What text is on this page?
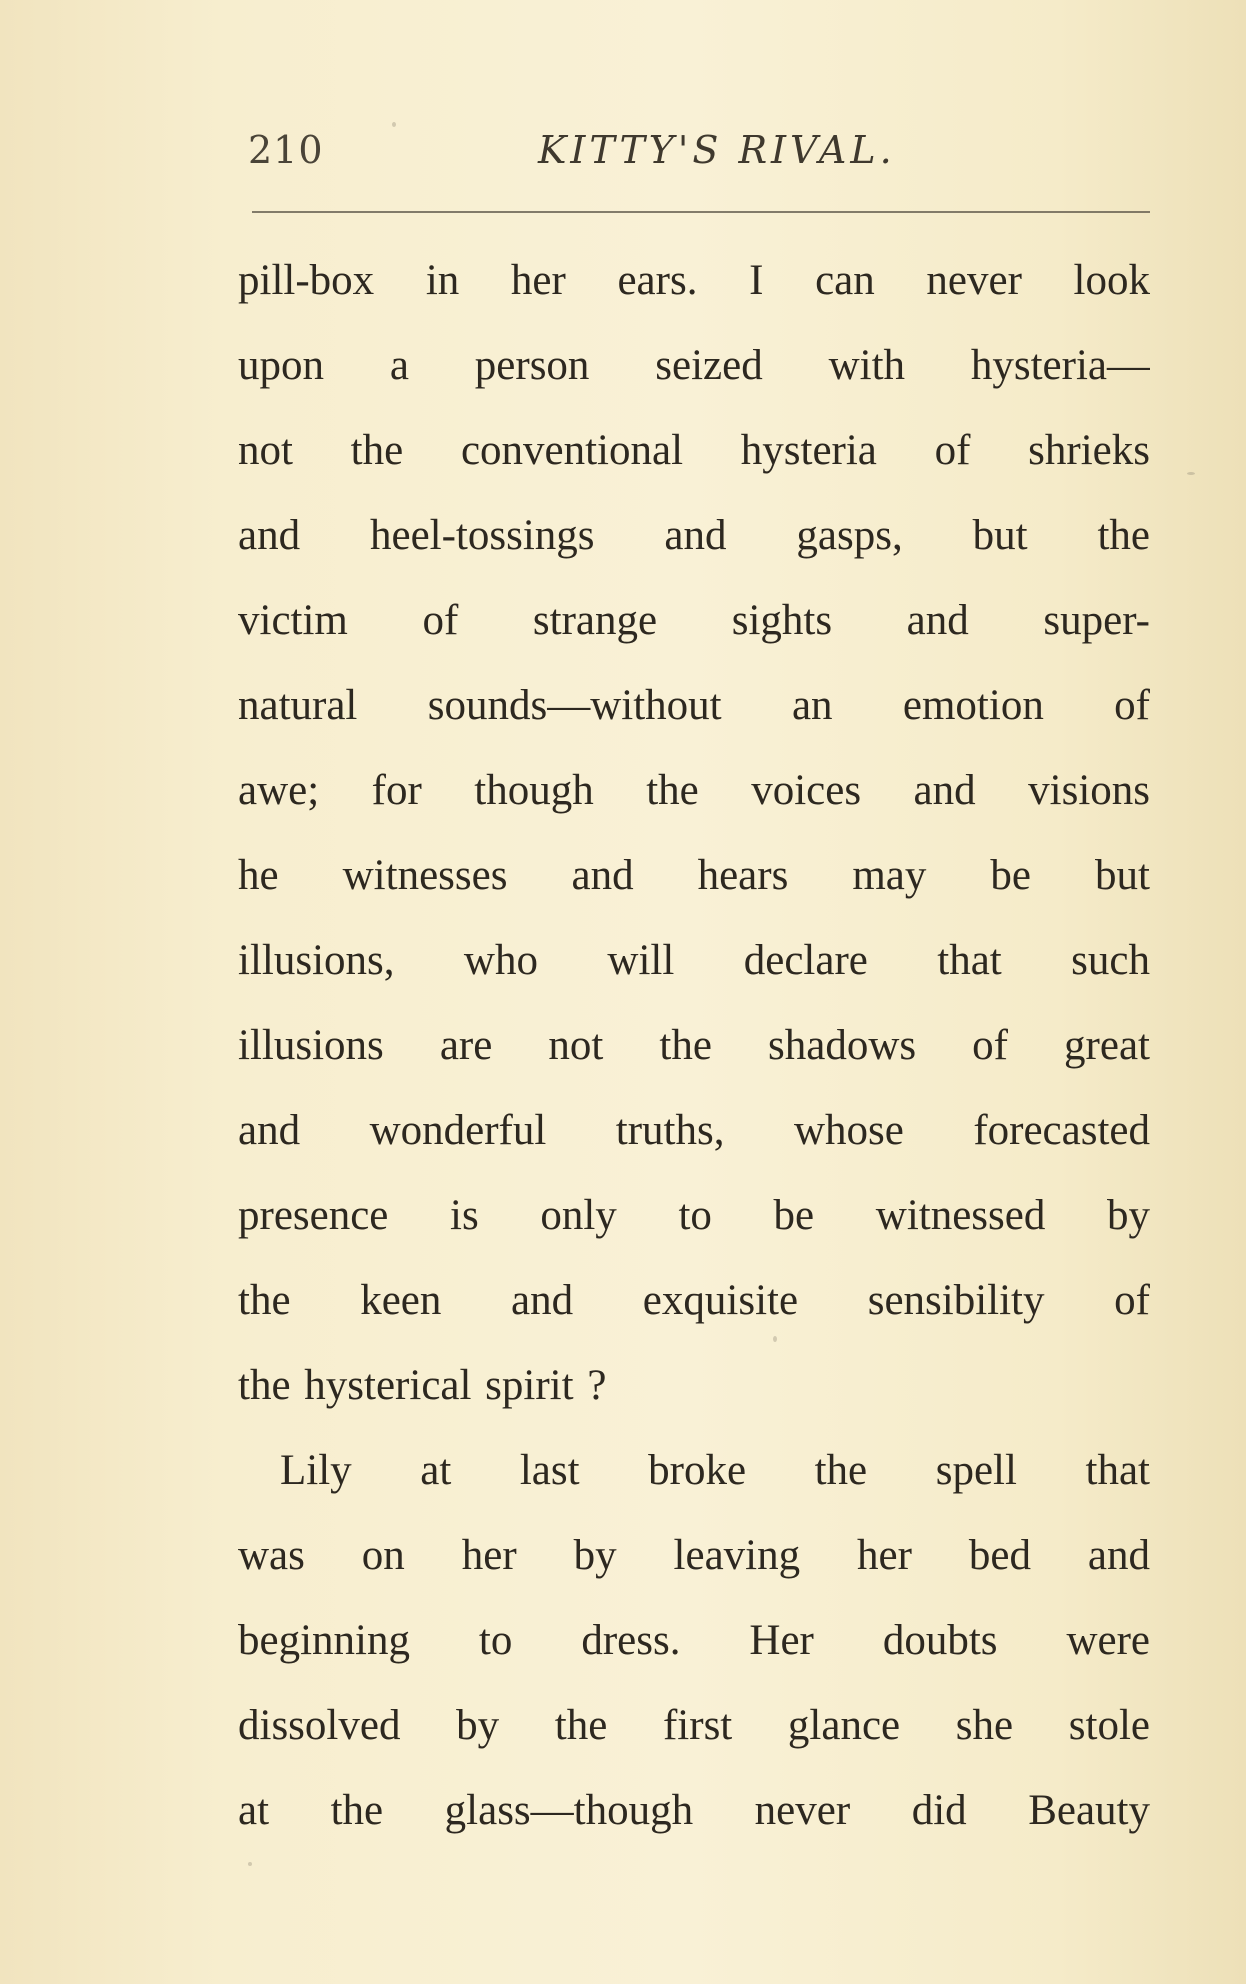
210	KITTY'S RIVAL.
pill-box in her ears. I can never look
upon a person seized with hysteria—
not the conventional hysteria of shrieks
and heel-tossings and gasps, but the
victim of strange sights and super-
natural sounds—without an emotion of
awe; for though the voices and visions
he witnesses and hears may be but
illusions, who will declare that such
illusions are not the shadows of great
and wonderful truths, whose forecasted
presence is only to be witnessed by
the keen and exquisite sensibility of
the hysterical spirit ?
Lily at last broke the spell that
was on her by leaving her bed and
beginning to dress. Her doubts were
dissolved by the first glance she stole
at the glass—though never did Beauty
